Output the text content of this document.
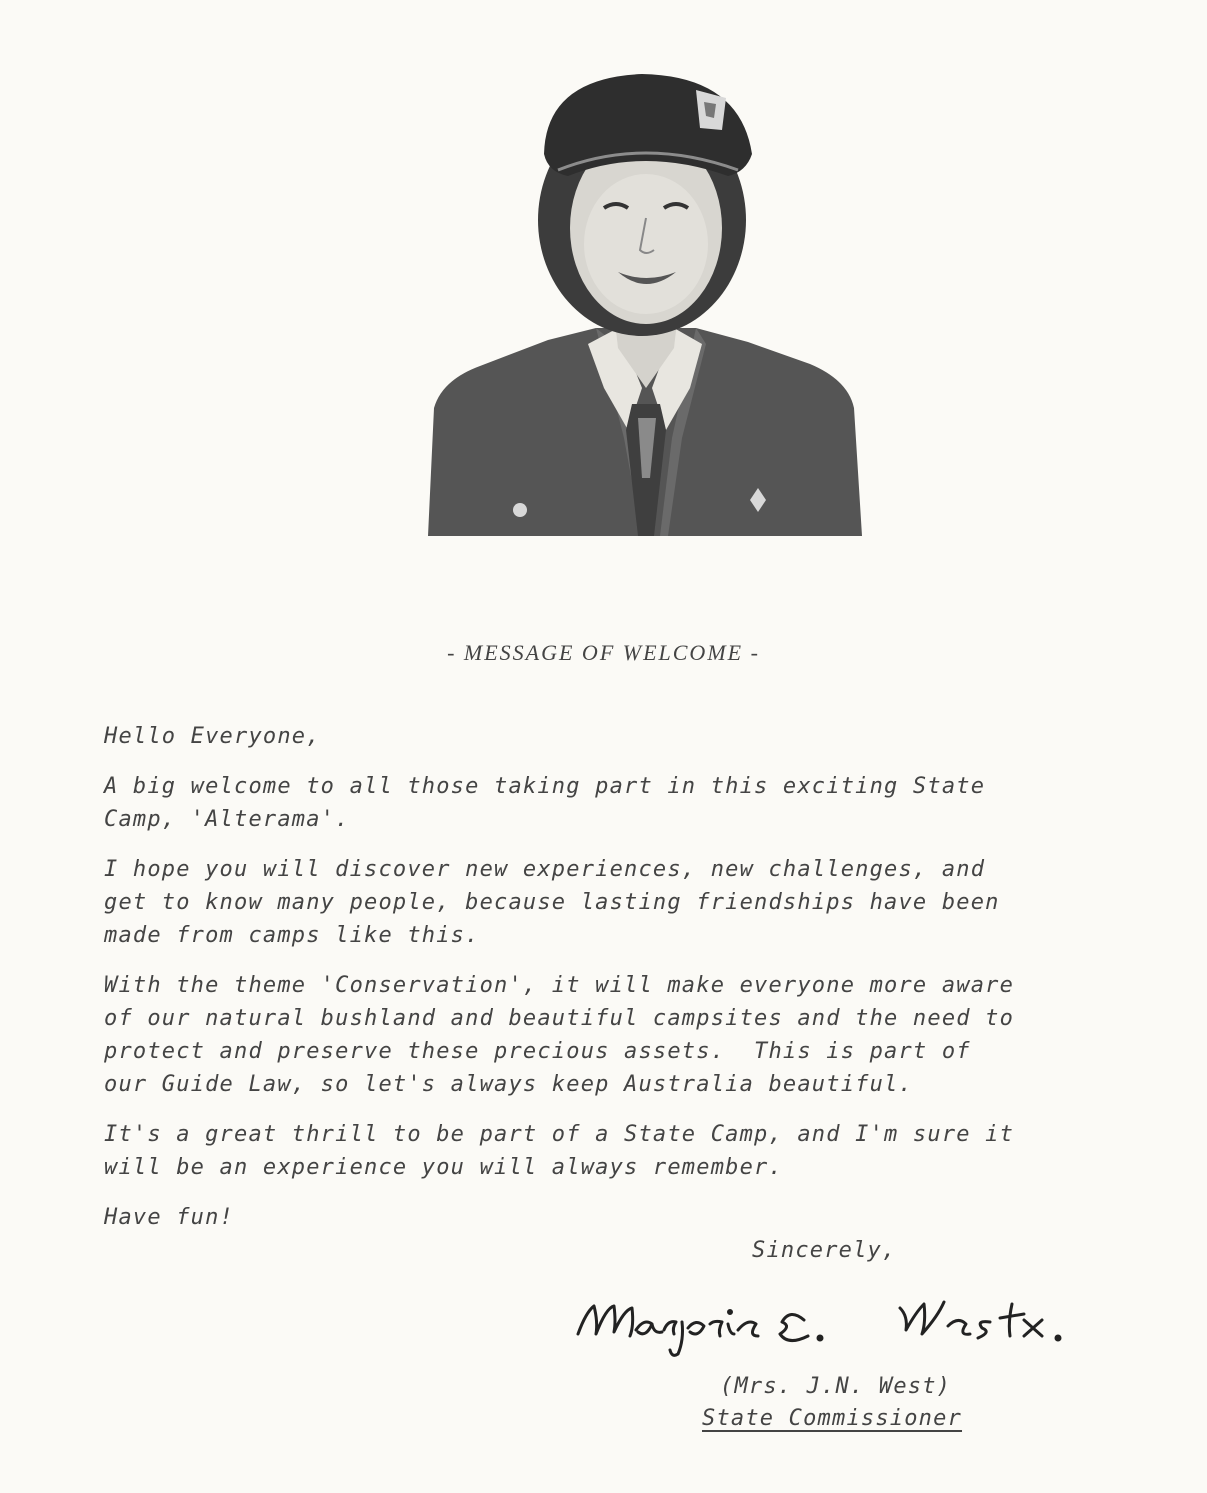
- MESSAGE OF WELCOME -

Hello Everyone,

A big welcome to all those taking part in this exciting State
Camp, 'Alterama'.

I hope you will discover new experiences, new challenges, and
get to know many people, because lasting friendships have been
made from camps like this.

With the theme 'Conservation', it will make everyone more aware
of our natural bushland and beautiful campsites and the need to
protect and preserve these precious assets.  This is part of
our Guide Law, so let's always keep Australia beautiful.

It's a great thrill to be part of a State Camp, and I'm sure it
will be an experience you will always remember.

Have fun!

Sincerely,
(Mrs. J.N. West)
State Commissioner
